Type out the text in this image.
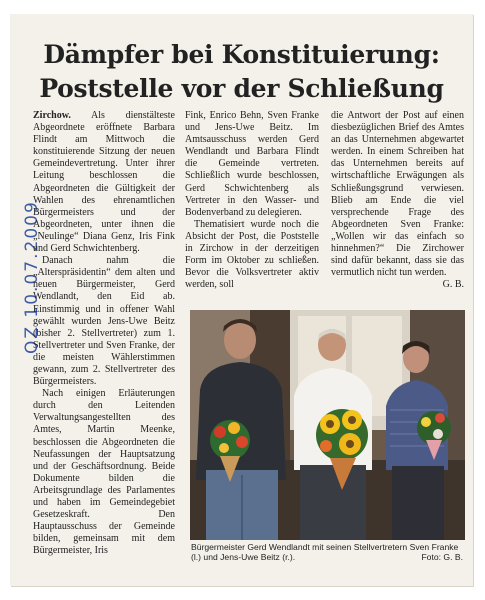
Dämpfer bei Konstituierung:
Poststelle vor der Schließung
OZ 10.07.2009

Zirchow. Als dienstälteste Abgeordnete eröffnete Barbara Flindt am Mittwoch die konstituierende Sitzung der neuen Gemeindevertretung. Unter ihrer Leitung beschlossen die Abgeordneten die Gültigkeit der Wahlen des ehrenamtlichen Bürgermeisters und der Abgeordneten, unter ihnen die „Neulinge“ Diana Genz, Iris Fink und Gerd Schwichtenberg.

Danach nahm die „Alterspräsidentin“ dem alten und neuen Bürgermeister, Gerd Wendlandt, den Eid ab. Einstimmig und in offener Wahl gewählt wurden Jens-Uwe Beitz (bisher 2. Stellvertreter) zum 1. Stellvertreter und Sven Franke, der die meisten Wählerstimmen gewann, zum 2. Stellvertreter des Bürgermeisters.

Nach einigen Erläuterungen durch den Leitenden Verwaltungsangestellten des Amtes, Martin Meenke, beschlossen die Abgeordneten die Neufassungen der Hauptsatzung und der Geschäftsordnung. Beide Dokumente bilden die Arbeitsgrundlage des Parlamentes und haben im Gemeindegebiet Gesetzeskraft. Den Hauptausschuss der Gemeinde bilden, gemeinsam mit dem Bürgermeister, Iris

Fink, Enrico Behn, Sven Franke und Jens-Uwe Beitz. Im Amtsausschuss werden Gerd Wendlandt und Barbara Flindt die Gemeinde vertreten. Schließlich wurde beschlossen, Gerd Schwichtenberg als Vertreter in den Wasser- und Bodenverband zu delegieren.

Thematisiert wurde noch die Absicht der Post, die Poststelle in Zirchow in der derzeitigen Form im Oktober zu schließen. Bevor die Volksvertreter aktiv werden, soll

die Antwort der Post auf einen diesbezüglichen Brief des Amtes an das Unternehmen abgewartet werden. In einem Schreiben hat das Unternehmen bereits auf wirtschaftliche Erwägungen als Schließungsgrund verwiesen. Blieb am Ende die viel versprechende Frage des Abgeordneten Sven Franke: „Wollen wir das einfach so hinnehmen?“ Die Zirchower sind dafür bekannt, dass sie das vermutlich nicht tun werden.

G. B.
Bürgermeister Gerd Wendlandt mit seinen Stellvertretern Sven Franke (l.) und Jens-Uwe Beitz (r.).	Foto: G. B.
